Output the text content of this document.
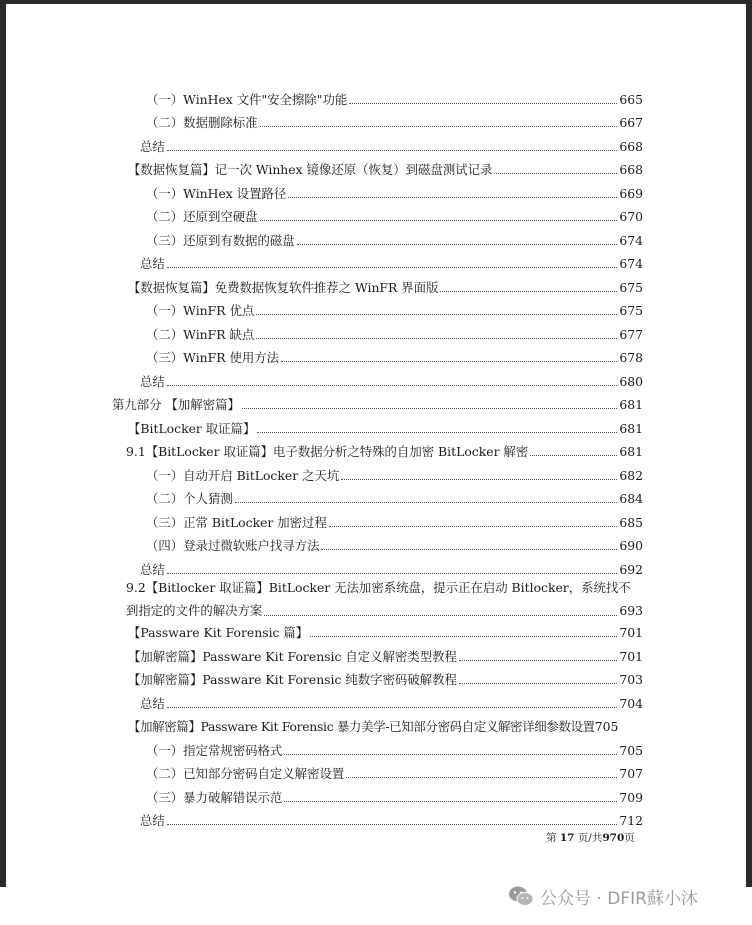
（一）WinHex 文件"安全擦除"功能	665
（二）数据删除标准	667
总结	668
【数据恢复篇】记一次 Winhex 镜像还原（恢复）到磁盘测试记录	668
（一）WinHex 设置路径	669
（二）还原到空硬盘	670
（三）还原到有数据的磁盘	674
总结	674
【数据恢复篇】免费数据恢复软件推荐之 WinFR 界面版	675
（一）WinFR 优点	675
（二）WinFR 缺点	677
（三）WinFR 使用方法	678
总结	680
第九部分 【加解密篇】	681
【BitLocker 取证篇】	681
9.1【BitLocker 取证篇】电子数据分析之特殊的自加密 BitLocker 解密	681
（一）自动开启 BitLocker 之天坑	682
（二）个人猜测	684
（三）正常 BitLocker 加密过程	685
（四）登录过微软账户找寻方法	690
总结	692
9.2【Bitlocker 取证篇】BitLocker 无法加密系统盘，提示正在启动 Bitlocker，系统找不
到指定的文件的解决方案	693
【Passware Kit Forensic 篇】	701
【加解密篇】Passware Kit Forensic 自定义解密类型教程	701
【加解密篇】Passware Kit Forensic 纯数字密码破解教程	703
总结	704
【加解密篇】Passware Kit Forensic 暴力美学-已知部分密码自定义解密详细参数设置 705
（一）指定常规密码格式	705
（二）已知部分密码自定义解密设置	707
（三）暴力破解错误示范	709
总结	712
第 17 页/共970页
公众号 · DFIR蘇小沐
